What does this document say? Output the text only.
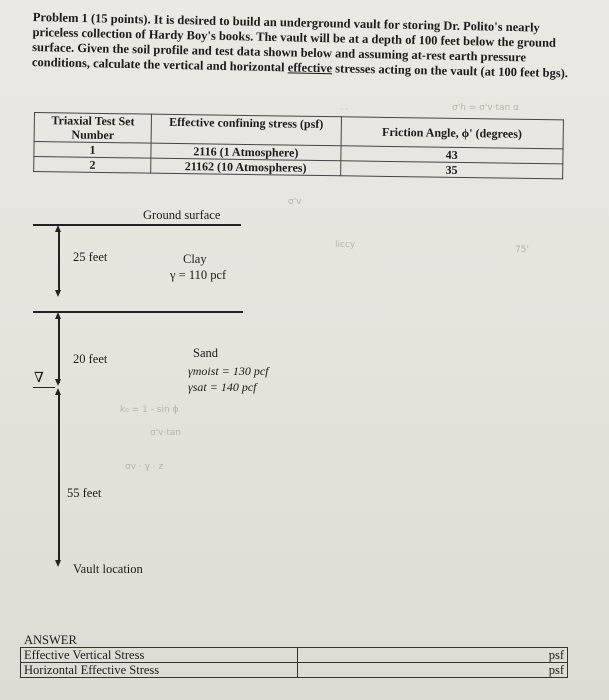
Problem 1 (15 points). It is desired to build an underground vault for storing Dr. Polito's nearly priceless collection of Hardy Boy's books. The vault will be at a depth of 100 feet below the ground surface. Given the soil profile and test data shown below and assuming at-rest earth pressure conditions, calculate the vertical and horizontal effective stresses acting on the vault (at 100 feet bgs).
· ·	σ'h = σ'v·tan α
Triaxial Test Set Number	Effective confining stress (psf)	Friction Angle, ϕ' (degrees)
1	2116 (1 Atmosphere)	43
2	21162 (10 Atmospheres)	35
Ground surface
25 feet	Clay
γ = 110 pcf
20 feet
∇
Sand
γmoist = 130 pcf
γsat = 140 pcf
55 feet
Vault location
σ'v
liccy	75'
k₀ = 1 - sin ϕ
σ'v·tan
σv · γ · z
ANSWER
Effective Vertical Stress	psf
Horizontal Effective Stress	psf
